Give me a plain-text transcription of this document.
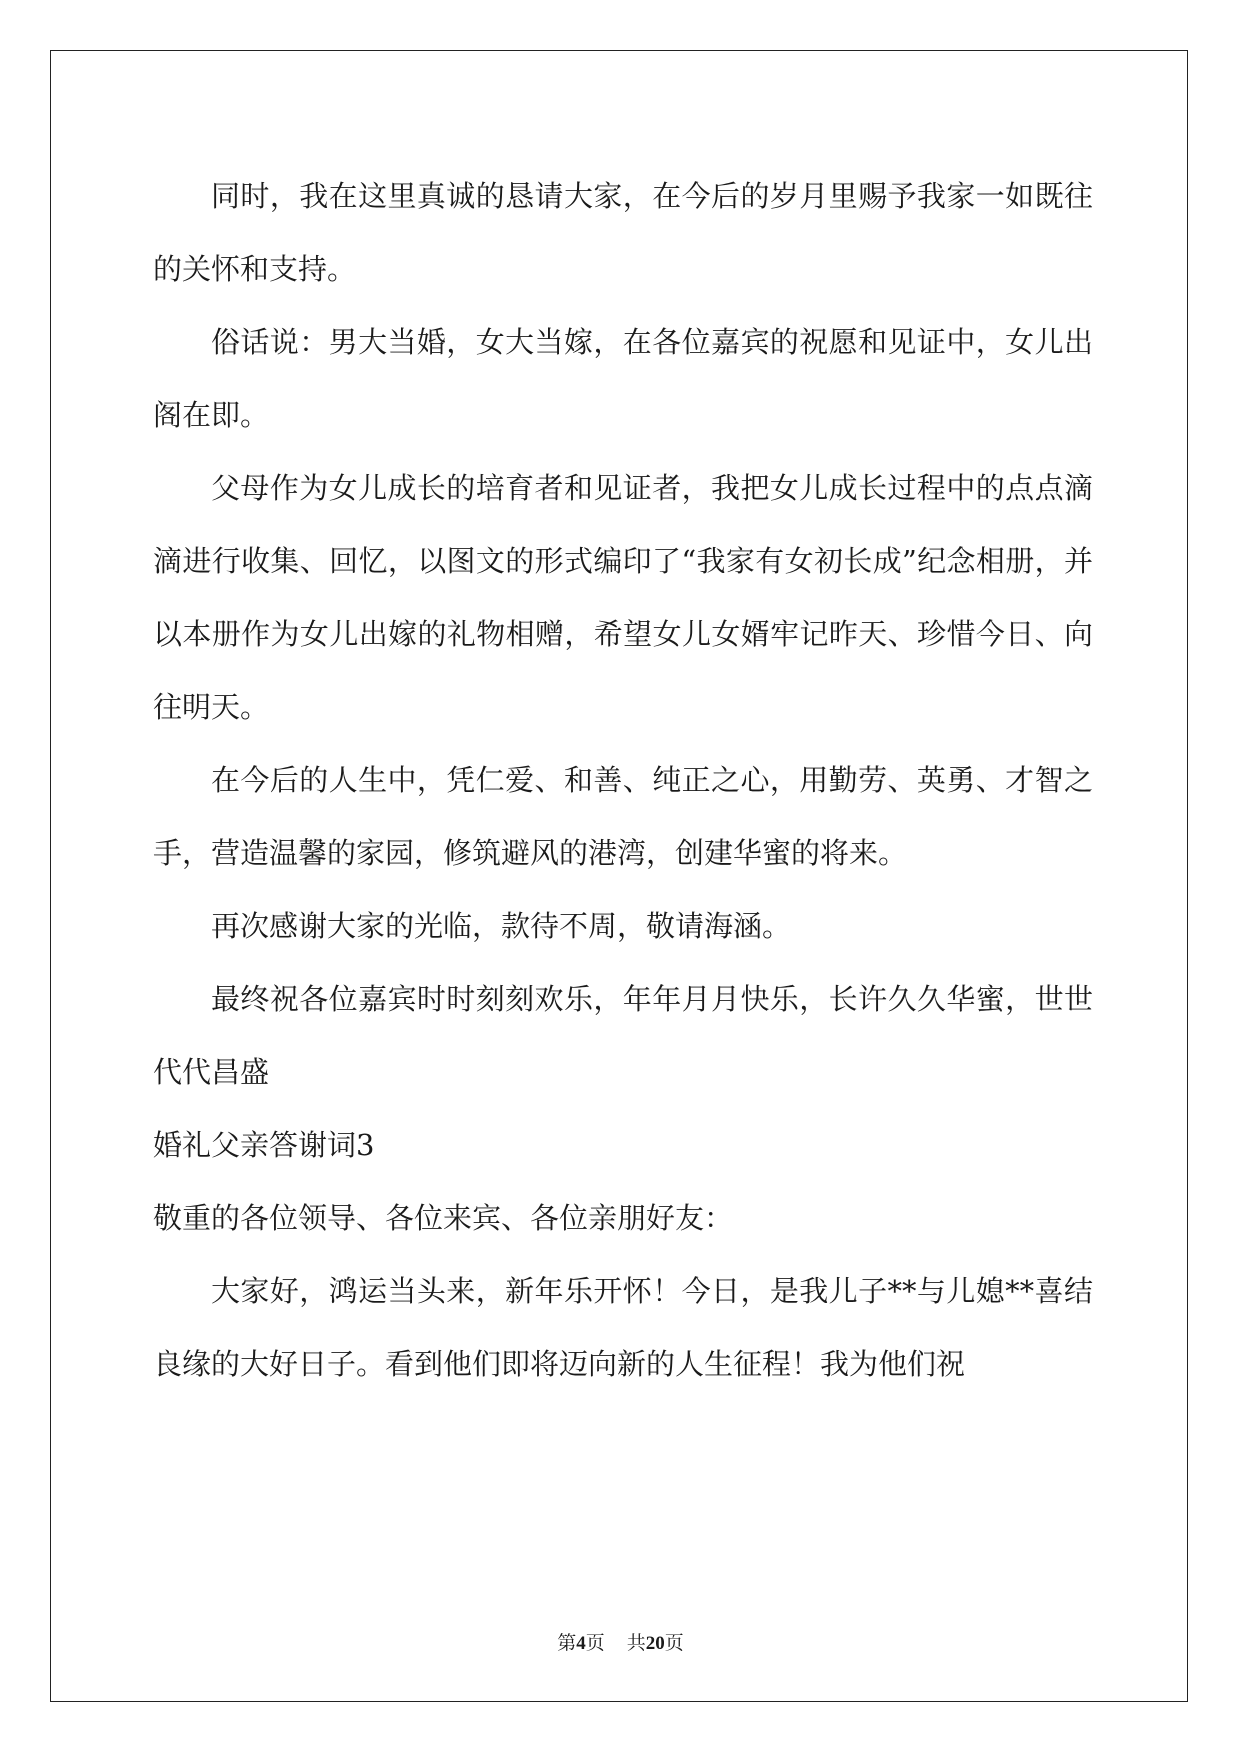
同时，我在这里真诚的恳请大家，在今后的岁月里赐予我家一如既往的关怀和支持。

俗话说：男大当婚，女大当嫁，在各位嘉宾的祝愿和见证中，女儿出阁在即。

父母作为女儿成长的培育者和见证者，我把女儿成长过程中的点点滴滴进行收集、回忆，以图文的形式编印了“我家有女初长成”纪念相册，并以本册作为女儿出嫁的礼物相赠，希望女儿女婿牢记昨天、珍惜今日、向往明天。

在今后的人生中，凭仁爱、和善、纯正之心，用勤劳、英勇、才智之手，营造温馨的家园，修筑避风的港湾，创建华蜜的将来。

再次感谢大家的光临，款待不周，敬请海涵。

最终祝各位嘉宾时时刻刻欢乐，年年月月快乐，长许久久华蜜，世世代代昌盛

婚礼父亲答谢词3

敬重的各位领导、各位来宾、各位亲朋好友：

大家好，鸿运当头来，新年乐开怀！今日，是我儿子**与儿媳**喜结良缘的大好日子。看到他们即将迈向新的人生征程！我为他们祝

第4页 共20页
